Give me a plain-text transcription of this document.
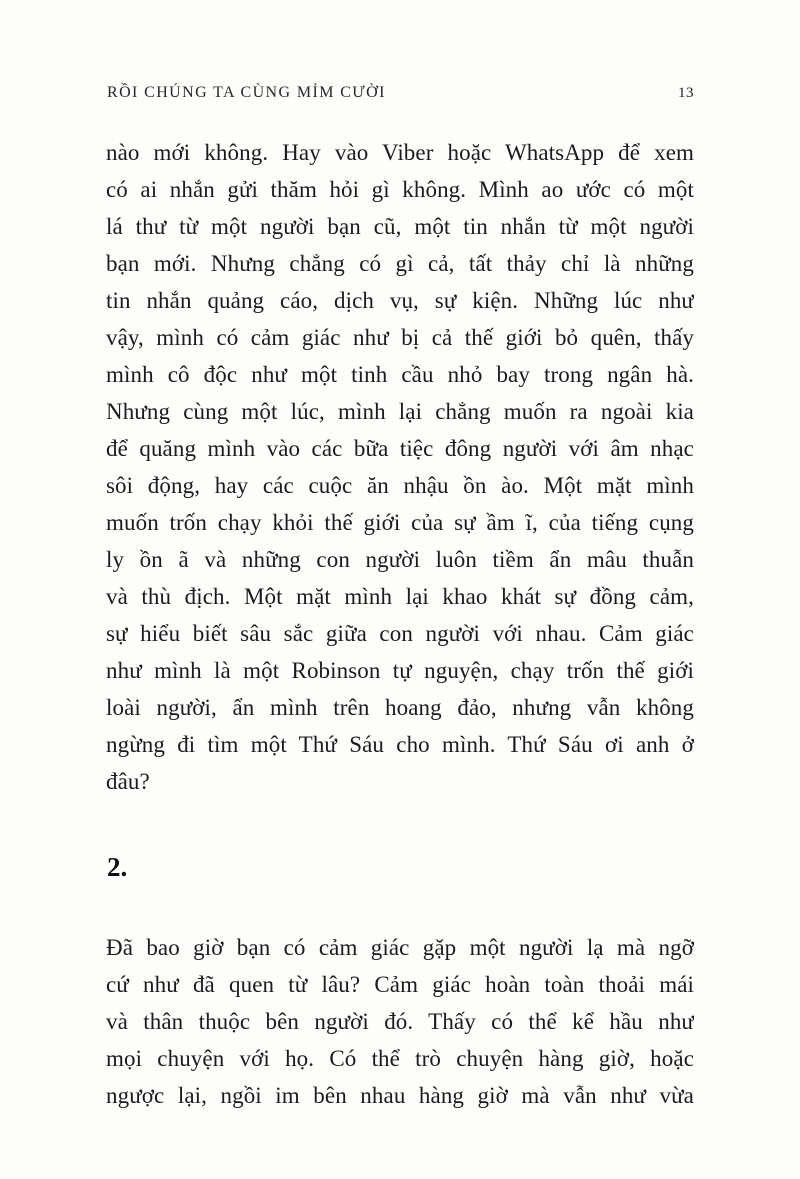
RỒI CHÚNG TA CÙNG MỈM CƯỜI	13
nào mới không. Hay vào Viber hoặc WhatsApp để xem
có ai nhắn gửi thăm hỏi gì không. Mình ao ước có một
lá thư từ một người bạn cũ, một tin nhắn từ một người
bạn mới. Nhưng chẳng có gì cả, tất thảy chỉ là những
tin nhắn quảng cáo, dịch vụ, sự kiện. Những lúc như
vậy, mình có cảm giác như bị cả thế giới bỏ quên, thấy
mình cô độc như một tinh cầu nhỏ bay trong ngân hà.
Nhưng cùng một lúc, mình lại chẳng muốn ra ngoài kia
để quăng mình vào các bữa tiệc đông người với âm nhạc
sôi động, hay các cuộc ăn nhậu ồn ào. Một mặt mình
muốn trốn chạy khỏi thế giới của sự ầm ĩ, của tiếng cụng
ly ồn ã và những con người luôn tiềm ẩn mâu thuẫn
và thù địch. Một mặt mình lại khao khát sự đồng cảm,
sự hiểu biết sâu sắc giữa con người với nhau. Cảm giác
như mình là một Robinson tự nguyện, chạy trốn thế giới
loài người, ẩn mình trên hoang đảo, nhưng vẫn không
ngừng đi tìm một Thứ Sáu cho mình. Thứ Sáu ơi anh ở
đâu?
2.
Đã bao giờ bạn có cảm giác gặp một người lạ mà ngỡ
cứ như đã quen từ lâu? Cảm giác hoàn toàn thoải mái
và thân thuộc bên người đó. Thấy có thể kể hầu như
mọi chuyện với họ. Có thể trò chuyện hàng giờ, hoặc
ngược lại, ngồi im bên nhau hàng giờ mà vẫn như vừa
